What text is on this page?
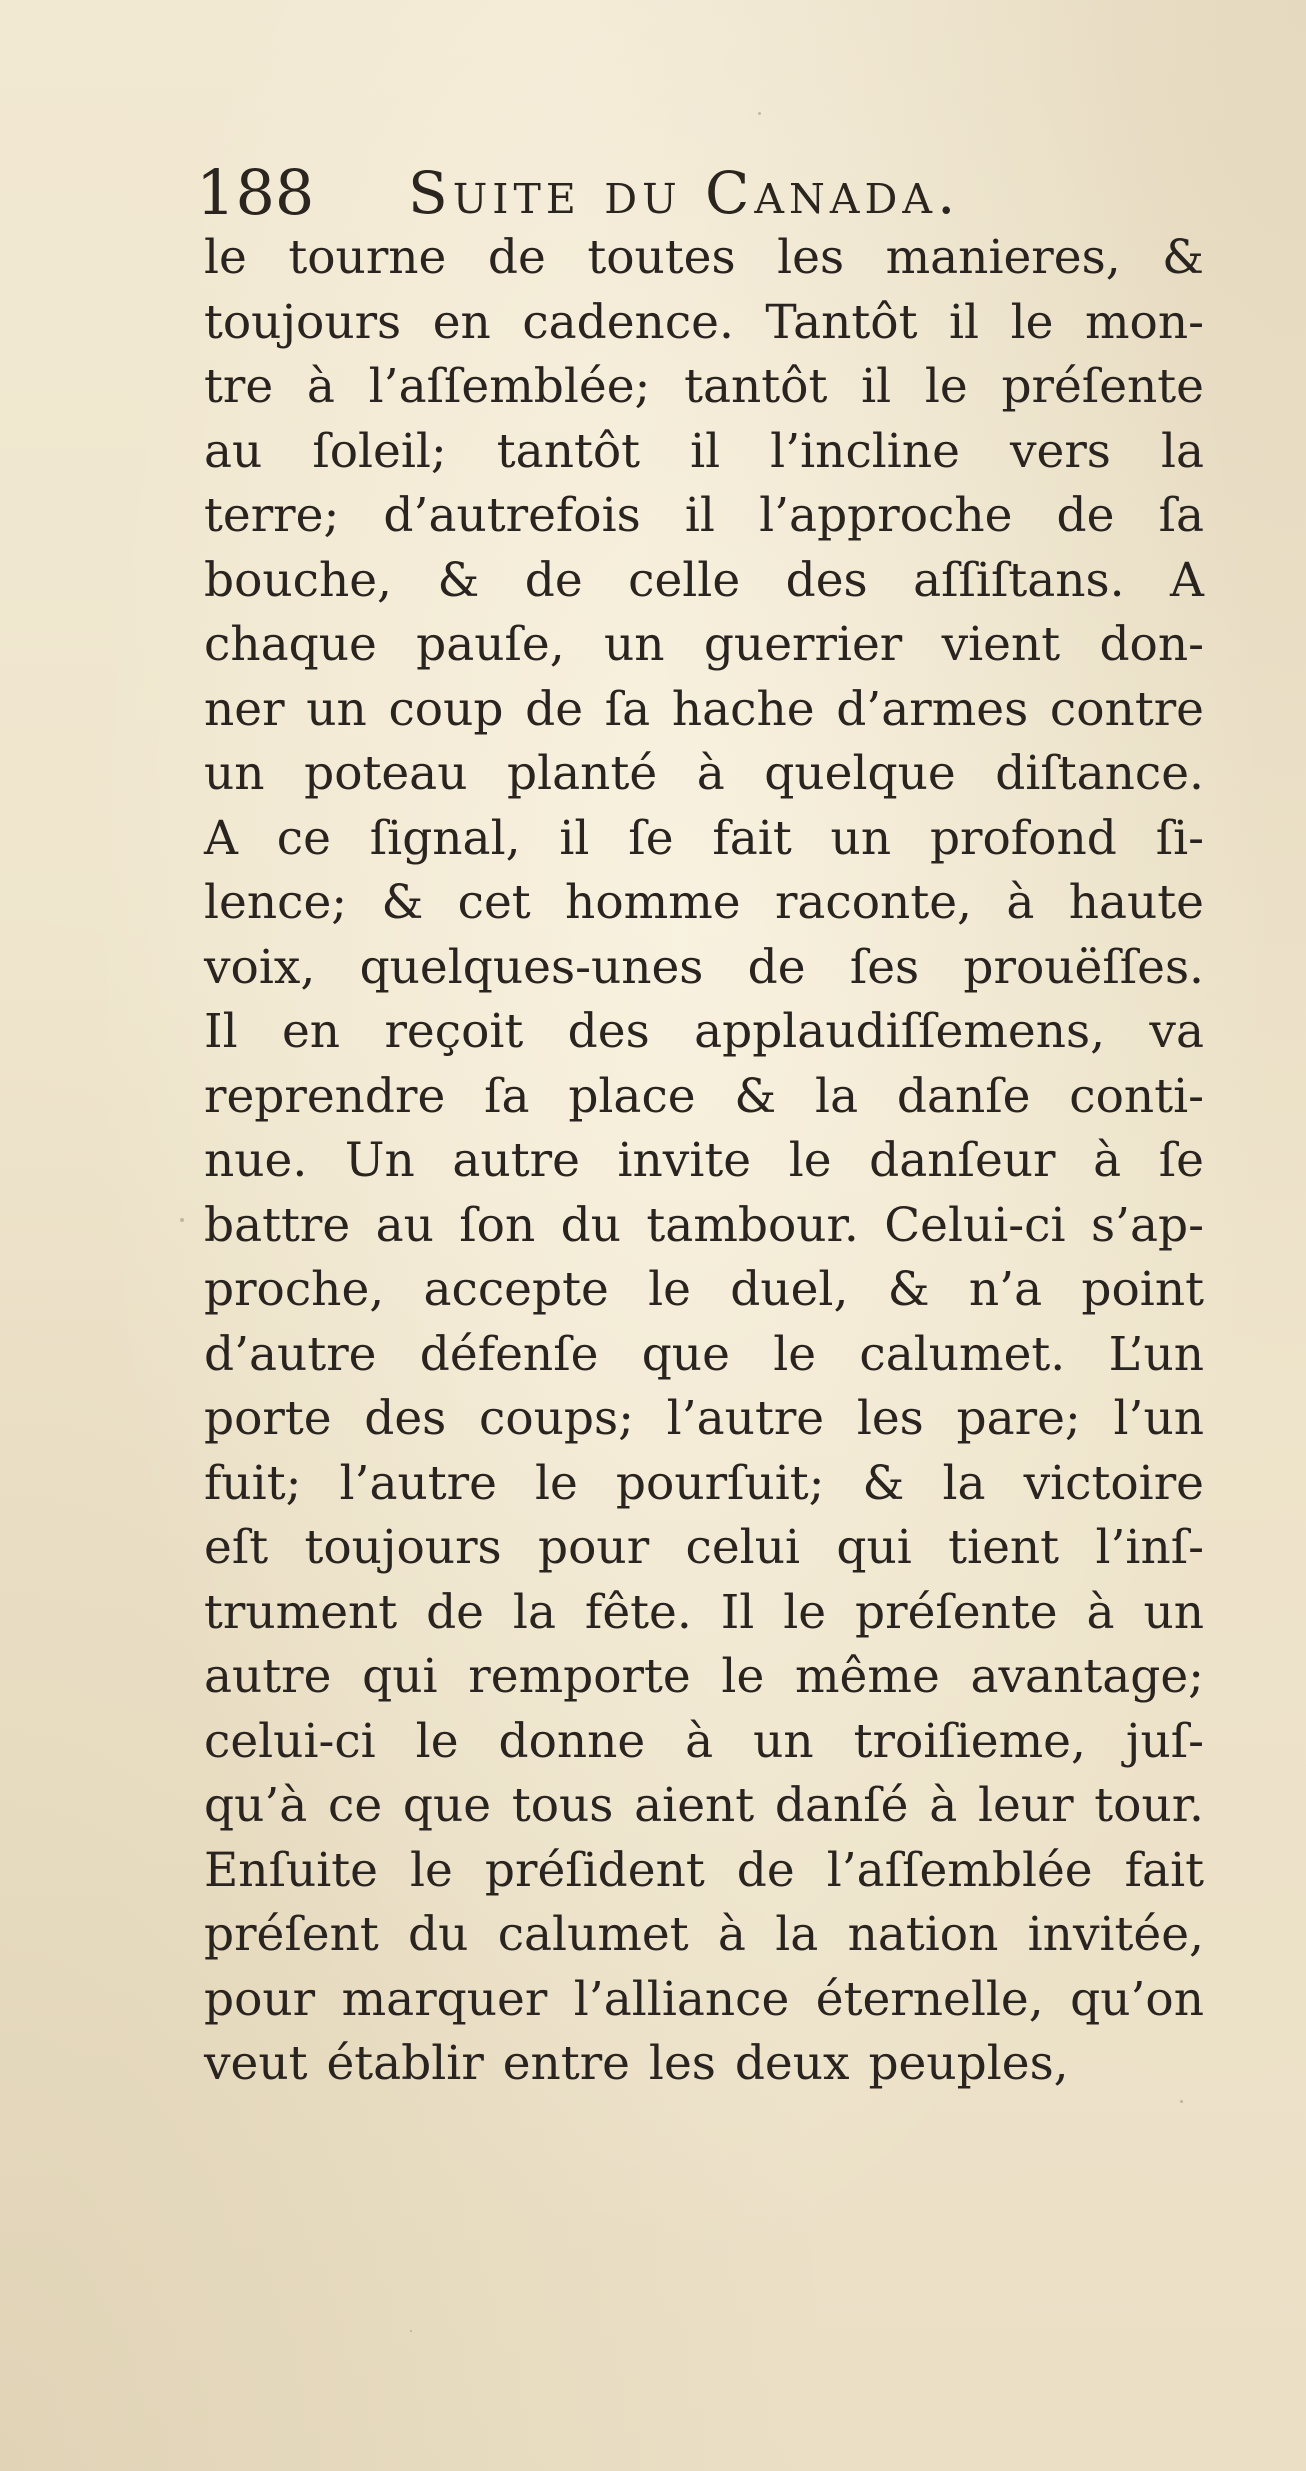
188 Suite du Canada.
le tourne de toutes les manieres, &
toujours en cadence. Tantôt il le mon-
tre à l’aſſemblée; tantôt il le préſente
au ſoleil; tantôt il l’incline vers la
terre; d’autrefois il l’approche de ſa
bouche, & de celle des aſſiſtans. A
chaque pauſe, un guerrier vient don-
ner un coup de ſa hache d’armes contre
un poteau planté à quelque diſtance.
A ce ſignal, il ſe fait un profond ſi-
lence; & cet homme raconte, à haute
voix, quelques-unes de ſes prouëſſes.
Il en reçoit des applaudiſſemens, va
reprendre ſa place & la danſe conti-
nue. Un autre invite le danſeur à ſe
battre au ſon du tambour. Celui-ci s’ap-
proche, accepte le duel, & n’a point
d’autre défenſe que le calumet. L’un
porte des coups; l’autre les pare; l’un
fuit; l’autre le pourſuit; & la victoire
eſt toujours pour celui qui tient l’inſ-
trument de la fête. Il le préſente à un
autre qui remporte le même avantage;
celui-ci le donne à un troiſieme, juſ-
qu’à ce que tous aient danſé à leur tour.
Enſuite le préſident de l’aſſemblée fait
préſent du calumet à la nation invitée,
pour marquer l’alliance éternelle, qu’on
veut établir entre les deux peuples,
